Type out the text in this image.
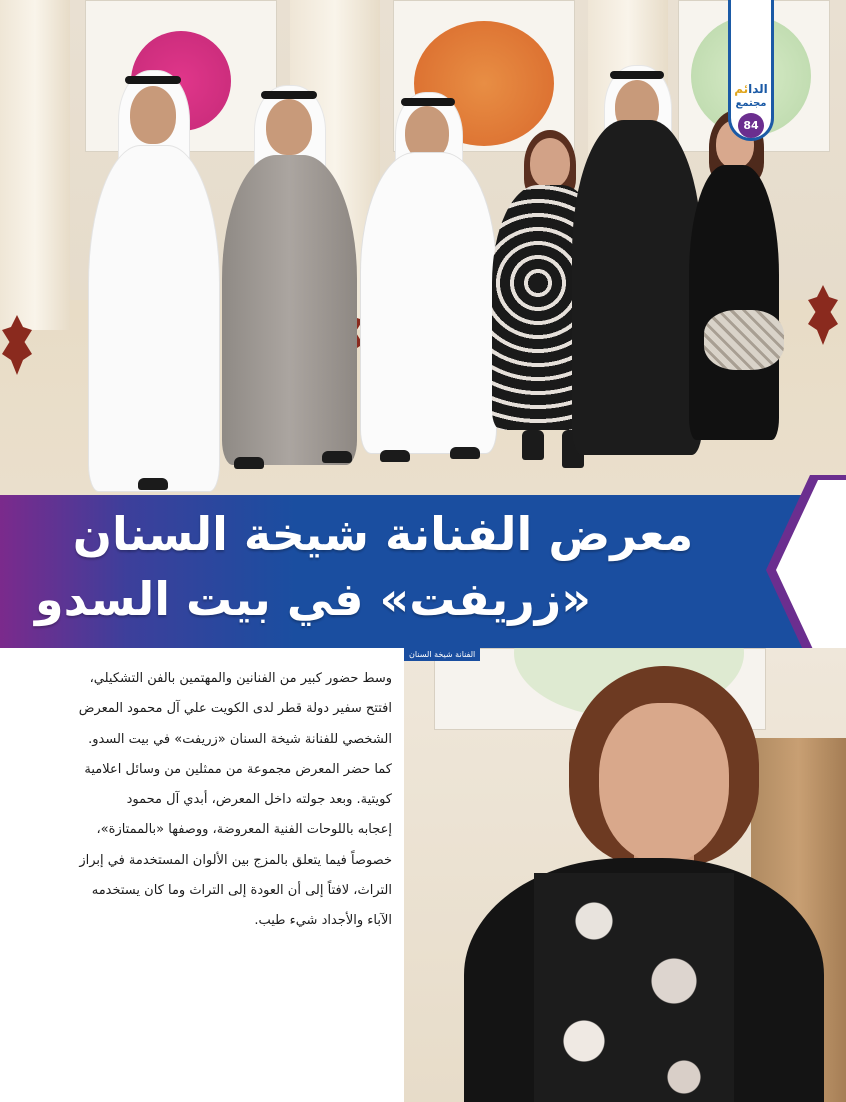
الدائم
مجتمع
84
معرض الفنانة شيخة السنان
«زريفت» في بيت السدو
الفنانة شيخة السنان
وسط حضور كبير من الفنانين والمهتمين بالفن التشكيلي،
افتتح سفير دولة قطر لدى الكويت علي آل محمود المعرض
الشخصي للفنانة شيخة السنان «زريفت» في بيت السدو.
كما حضر المعرض مجموعة من ممثلين من وسائل اعلامية
كويتية. وبعد جولته داخل المعرض، أبدي آل محمود
إعجابه باللوحات الفنية المعروضة، ووصفها «بالممتازة»،
خصوصاً فيما يتعلق بالمزج بين الألوان المستخدمة في إبراز
التراث، لافتاً إلى أن العودة إلى التراث وما كان يستخدمه
الآباء والأجداد شيء طيب.
